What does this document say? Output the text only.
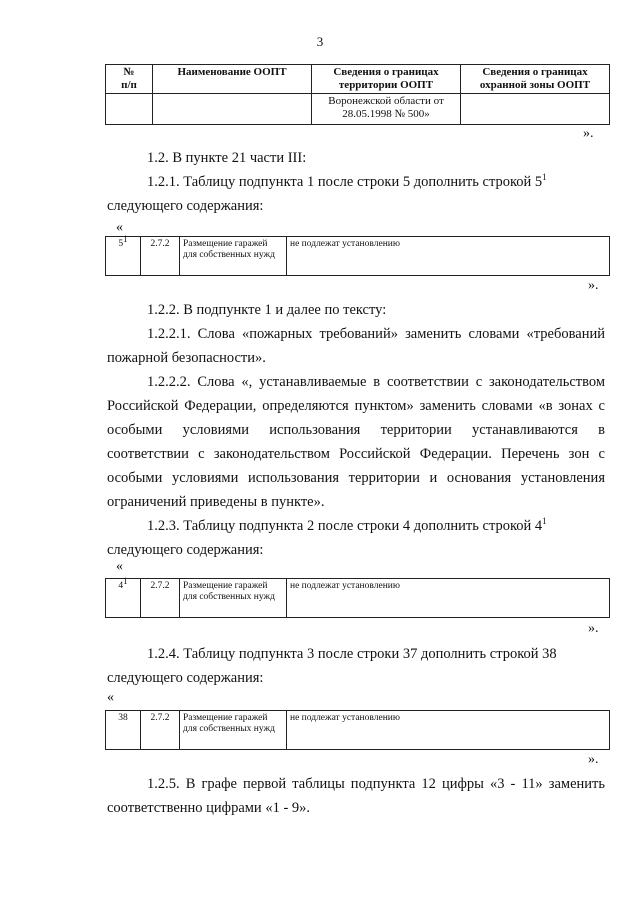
3
№
п/п	Наименование ООПТ	Сведения о границах территории ООПТ	Сведения о границах охранной зоны ООПТ

		Воронежской области от
28.05.1998 № 500»	

».
1.2. В пункте 21 части III:
1.2.1. Таблицу подпункта 1 после строки 5 дополнить строкой $5^1$
следующего содержания:
«
51	2.7.2	Размещение гаражей для собственных нужд	не подлежат установлению
».
1.2.2. В подпункте 1 и далее по тексту:
1.2.2.1. Слова «пожарных требований» заменить словами «требований пожарной безопасности».
1.2.2.2. Слова «, устанавливаемые в соответствии с законодательством Российской Федерации, определяются пунктом» заменить словами «в зонах с особыми условиями использования территории устанавливаются в соответствии с законодательством Российской Федерации. Перечень зон с особыми условиями использования территории и основания установления ограничений приведены в пункте».
1.2.3. Таблицу подпункта 2 после строки 4 дополнить строкой $4^1$
следующего содержания:
«
41	2.7.2	Размещение гаражей для собственных нужд	не подлежат установлению
».
1.2.4. Таблицу подпункта 3 после строки 37 дополнить строкой 38
следующего содержания:
«
38	2.7.2	Размещение гаражей для собственных нужд	не подлежат установлению
».
1.2.5. В графе первой таблицы подпункта 12 цифры «3 - 11» заменить соответственно цифрами «1 - 9».
